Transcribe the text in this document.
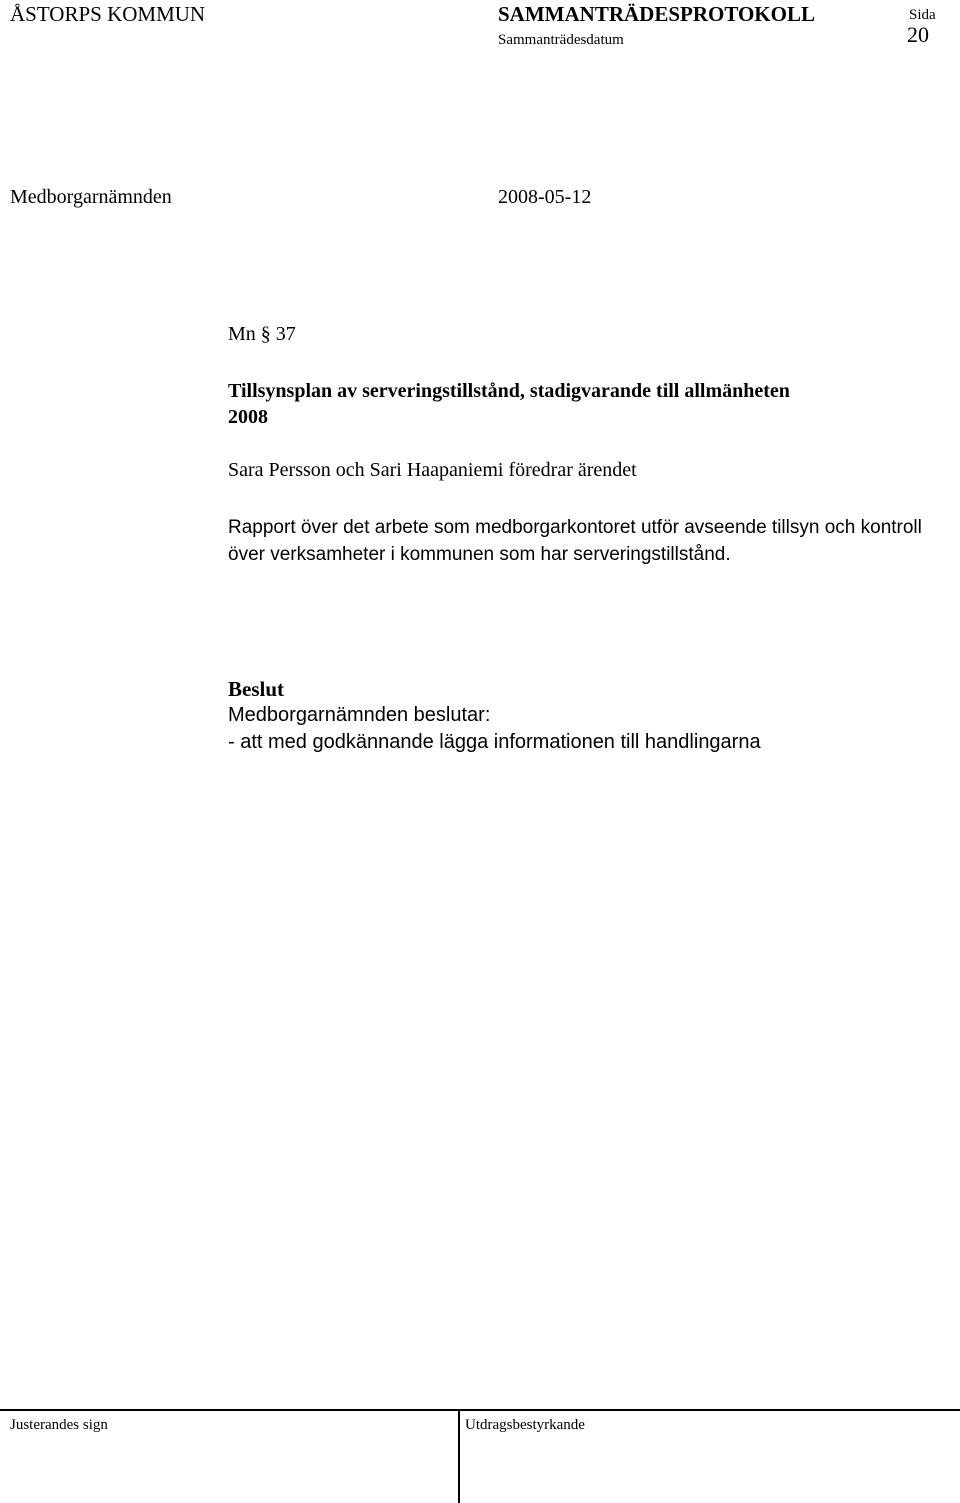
ÅSTORPS KOMMUN	SAMMANTRÄDESPROTOKOLL
Sammanträdesdatum
Sida
20
Medborgarnämnden	2008-05-12
Mn § 37
Tillsynsplan av serveringstillstånd, stadigvarande till allmänheten 2008
Sara Persson och Sari Haapaniemi föredrar ärendet
Rapport över det arbete som medborgarkontoret utför avseende tillsyn och kontroll över verksamheter i kommunen som har serveringstillstånd.
Beslut
Medborgarnämnden beslutar:
- att med godkännande lägga informationen till handlingarna
Justerandes sign	Utdragsbestyrkande
